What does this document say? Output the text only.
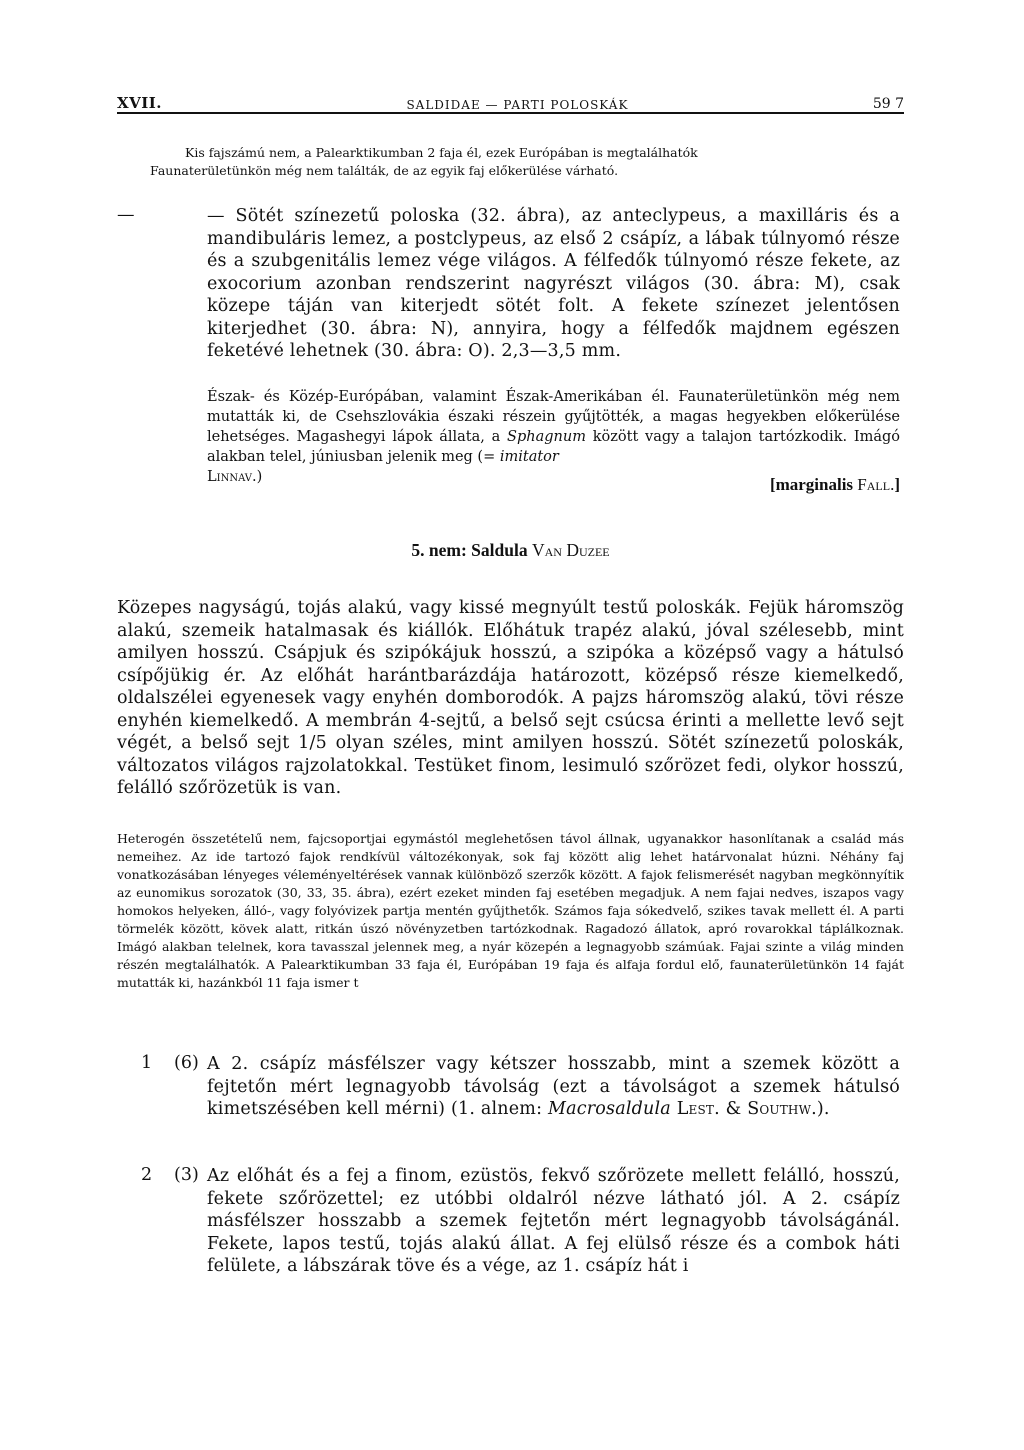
XVII.	SALDIDAE — PARTI POLOSKÁK	59 7
Kis fajszámú nem, a Palearktikumban 2 faja él, ezek Európában is megtalálhatók
Faunaterületünkön még nem találták, de az egyik faj előkerülése várható.
—	— Sötét színezetű poloska (32. ábra), az anteclypeus, a maxilláris és a mandibuláris lemez, a postclypeus, az első 2 csápíz, a lábak túlnyomó része és a szubgenitális lemez vége világos. A félfedők túlnyomó része fekete, az exocorium azonban rendszerint nagyrészt világos (30. ábra: M), csak közepe táján van kiterjedt sötét folt. A fekete színezet jelentősen kiterjedhet (30. ábra: N), annyira, hogy a félfedők majdnem egészen feketévé lehetnek (30. ábra: O). 2,3—3,5 mm.

Észak- és Közép-Európában, valamint Észak-Amerikában él. Faunaterületünkön még nem mutatták ki, de Csehszlovákia északi részein gyűjtötték, a magas hegyekben előkerülése lehetséges. Magashegyi lápok állata, a Sphagnum között vagy a talajon tartózkodik. Imágó alakban telel, júniusban jelenik meg (= imitator
Linnav.)	[marginalis Fall.]
5. nem: Saldula Van Duzee

Közepes nagyságú, tojás alakú, vagy kissé megnyúlt testű poloskák. Fejük háromszög alakú, szemeik hatalmasak és kiállók. Előhátuk trapéz alakú, jóval szélesebb, mint amilyen hosszú. Csápjuk és szipókájuk hosszú, a szipóka a középső vagy a hátulsó csípőjükig ér. Az előhát harántbarázdája határozott, középső része kiemelkedő, oldalszélei egyenesek vagy enyhén domborodók. A pajzs háromszög alakú, tövi része enyhén kiemelkedő. A membrán 4-sejtű, a belső sejt csúcsa érinti a mellette levő sejt végét, a belső sejt 1/5 olyan széles, mint amilyen hosszú. Sötét színezetű poloskák, változatos világos rajzolatokkal. Testüket finom, lesimuló szőrözet fedi, olykor hosszú, felálló szőrözetük is van.

Heterogén összetételű nem, fajcsoportjai egymástól meglehetősen távol állnak, ugyanakkor hasonlítanak a család más nemeihez. Az ide tartozó fajok rendkívül változékonyak, sok faj között alig lehet határvonalat húzni. Néhány faj vonatkozásában lényeges véleményeltérések vannak különböző szerzők között. A fajok felismerését nagyban megkönnyítik az eunomikus sorozatok (30, 33, 35. ábra), ezért ezeket minden faj esetében megadjuk. A nem fajai nedves, iszapos vagy homokos helyeken, álló-, vagy folyóvizek partja mentén gyűjthetők. Számos faja sókedvelő, szikes tavak mellett él. A parti törmelék között, kövek alatt, ritkán úszó növényzetben tartózkodnak. Ragadozó állatok, apró rovarokkal táplálkoznak. Imágó alakban telelnek, kora tavasszal jelennek meg, a nyár közepén a legnagyobb számúak. Fajai szinte a világ minden részén megtalálhatók. A Palearktikumban 33 faja él, Európában 19 faja és alfaja fordul elő, faunaterületünkön 14 faját mutatták ki, hazánkból 11 faja ismer t

1 (6) A 2. csápíz másfélszer vagy kétszer hosszabb, mint a szemek között a fejtetőn mért legnagyobb távolság (ezt a távolságot a szemek hátulsó kimetszésében kell mérni) (1. alnem: Macrosaldula Lest. & Southw.).
2 (3) Az előhát és a fej a finom, ezüstös, fekvő szőrözete mellett felálló, hosszú, fekete szőrözettel; ez utóbbi oldalról nézve látható jól. A 2. csápíz másfélszer hosszabb a szemek fejtetőn mért legnagyobb távolságánál. Fekete, lapos testű, tojás alakú állat. A fej elülső része és a combok háti felülete, a lábszárak töve és a vége, az 1. csápíz hát i
